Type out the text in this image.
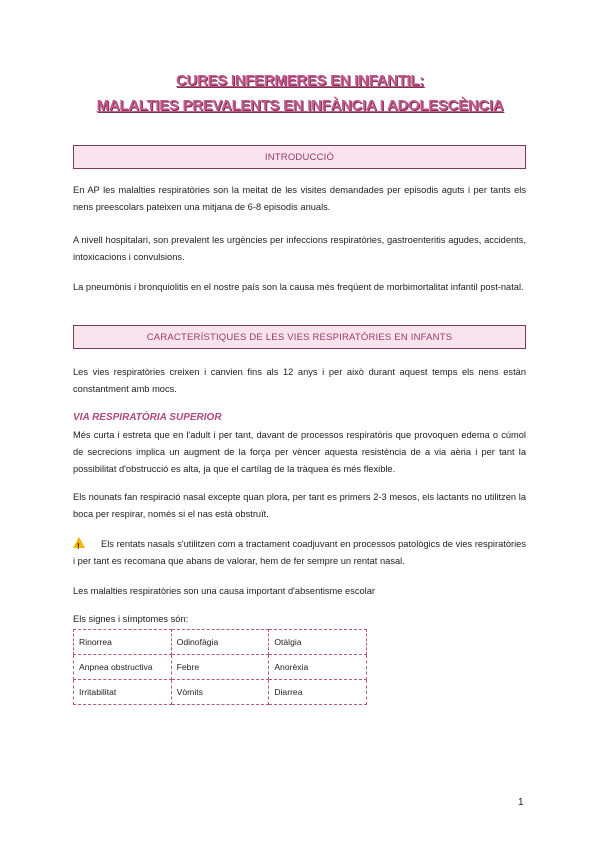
CURES INFERMERES EN INFANTIL:
MALALTIES PREVALENTS EN INFÀNCIA I ADOLESCÈNCIA
INTRODUCCIÓ
En AP les malalties respiratòries son la meitat de les visites demandades per episodis aguts i per tants els nens preescolars pateixen una mitjana de 6-8 episodis anuals.
A nivell hospitalari, son prevalent les urgències per infeccions respiratòries, gastroenteritis agudes, accidents, intoxicacions i convulsions.
La pneumònis i bronquiolitis en el nostre país son la causa més freqüent de morbimortalitat infantil post-natal.
CARACTERÍSTIQUES DE LES VIES RESPIRATÒRIES EN INFANTS
Les vies respiratòries creixen i canvien fins als 12 anys i per això durant aquest temps els nens estàn constantment amb mocs.
VIA RESPIRATÒRIA SUPERIOR
Més curta i estreta que en l'adult i per tant, davant de processos respiratòris que provoquen edema o cúmol de secrecions implica un augment de la força per vèncer aquesta resistència de a via aèria i per tant la possibilitat d'obstrucció es alta, ja que el cartílag de la tràquea és més flexible.
Els nounats fan respiració nasal excepte quan plora, per tant es primers 2-3 mesos, els lactants no utilitzen la boca per respirar, només si el nas està obstruït.
!Els rentats nasals s'utilitzen com a tractament coadjuvant en processos patològics de vies respiratòries i per tant es recomana que abans de valorar, hem de fer sempre un rentat nasal.
Les malalties respiratòries son una causa important d'absentisme escolar
Els signes i símptomes són:
Rinorrea	Odinofàgia	Otàlgia
Anpnea obstructiva	Febre	Anorèxia
Irritabilitat	Vòmits	Diarrea
1
